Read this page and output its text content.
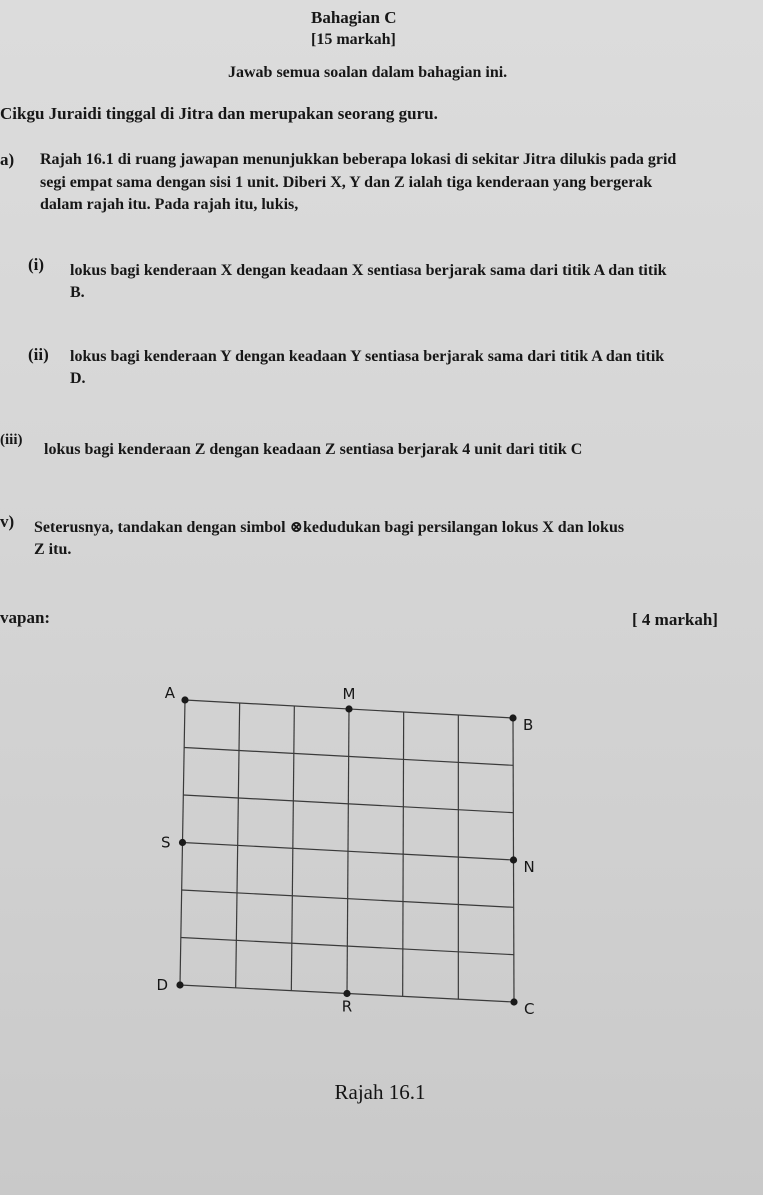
Bahagian C
[15 markah]
Jawab semua soalan dalam bahagian ini.
Cikgu Juraidi tinggal di Jitra dan merupakan seorang guru.
a) Rajah 16.1 di ruang jawapan menunjukkan beberapa lokasi di sekitar Jitra dilukis pada grid
segi empat sama dengan sisi 1 unit. Diberi X, Y dan Z ialah tiga kenderaan yang bergerak
dalam rajah itu. Pada rajah itu, lukis,
(i) lokus bagi kenderaan X dengan keadaan X sentiasa berjarak sama dari titik A dan titik
B.
(ii) lokus bagi kenderaan Y dengan keadaan Y sentiasa berjarak sama dari titik A dan titik
D.
(iii)
lokus bagi kenderaan Z dengan keadaan Z sentiasa berjarak 4 unit dari titik C
v) Seterusnya, tandakan dengan simbol ⊗kedudukan bagi persilangan lokus X dan lokus
Z itu.
vapan:	[ 4 markah]
A	M
B
S
N
D
R	C
Rajah 16.1
